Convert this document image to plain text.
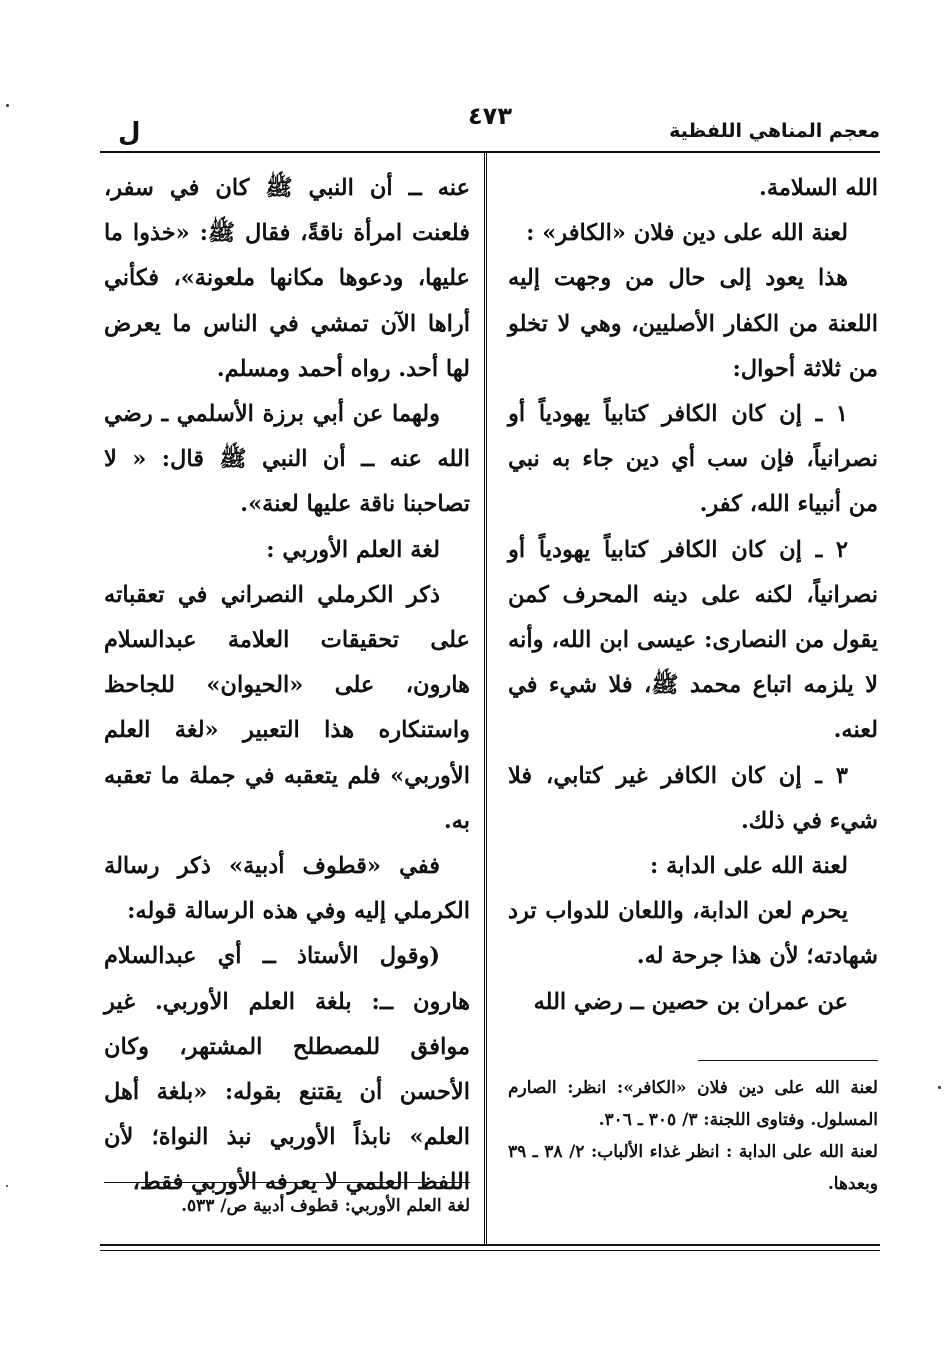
معجم المناهي اللفظية
٤٧٣
ل

الله السلامة.

لعنة الله على دين فلان «الكافر» :

هذا يعود إلى حال من وجهت إليه اللعنة من الكفار الأصليين، وهي لا تخلو من ثلاثة أحوال:

١ ـ إن كان الكافر كتابياً يهودياً أو نصرانياً، فإن سب أي دين جاء به نبي من أنبياء الله، كفر.

٢ ـ إن كان الكافر كتابياً يهودياً أو نصرانياً، لكنه على دينه المحرف كمن يقول من النصارى: عيسى ابن الله، وأنه لا يلزمه اتباع محمد ﷺ، فلا شيء في لعنه.

٣ ـ إن كان الكافر غير كتابي، فلا شيء في ذلك.

لعنة الله على الدابة :

يحرم لعن الدابة، واللعان للدواب ترد شهادته؛ لأن هذا جرحة له.

عن عمران بن حصين ــ رضي الله

لعنة الله على دين فلان «الكافر»: انظر: الصارم المسلول. وفتاوى اللجنة: ٣/ ٣٠٥ ـ ٣٠٦.

لعنة الله على الدابة : انظر غذاء الألباب: ٢/ ٣٨ ـ ٣٩ وبعدها.

عنه ــ أن النبي ﷺ كان في سفر، فلعنت امرأة ناقةً، فقال ﷺ: «خذوا ما عليها، ودعوها مكانها ملعونة»، فكأني أراها الآن تمشي في الناس ما يعرض لها أحد. رواه أحمد ومسلم.

ولهما عن أبي برزة الأسلمي ـ رضي الله عنه ــ أن النبي ﷺ قال: « لا تصاحبنا ناقة عليها لعنة».

لغة العلم الأوربي :

ذكر الكرملي النصراني في تعقباته على تحقيقات العلامة عبدالسلام هارون، على «الحيوان» للجاحظ واستنكاره هذا التعبير «لغة العلم الأوربي» فلم يتعقبه في جملة ما تعقبه به.

ففي «قطوف أدبية» ذكر رسالة الكرملي إليه وفي هذه الرسالة قوله:

(وقول الأستاذ ــ أي عبدالسلام هارون ــ: بلغة العلم الأوربي. غير موافق للمصطلح المشتهر، وكان الأحسن أن يقتنع بقوله: «بلغة أهل العلم» نابذاً الأوربي نبذ النواة؛ لأن اللفظ العلمي لا يعرفه الأوربي فقط،

لغة العلم الأوربي: قطوف أدبية ص/ ٥٣٣.
